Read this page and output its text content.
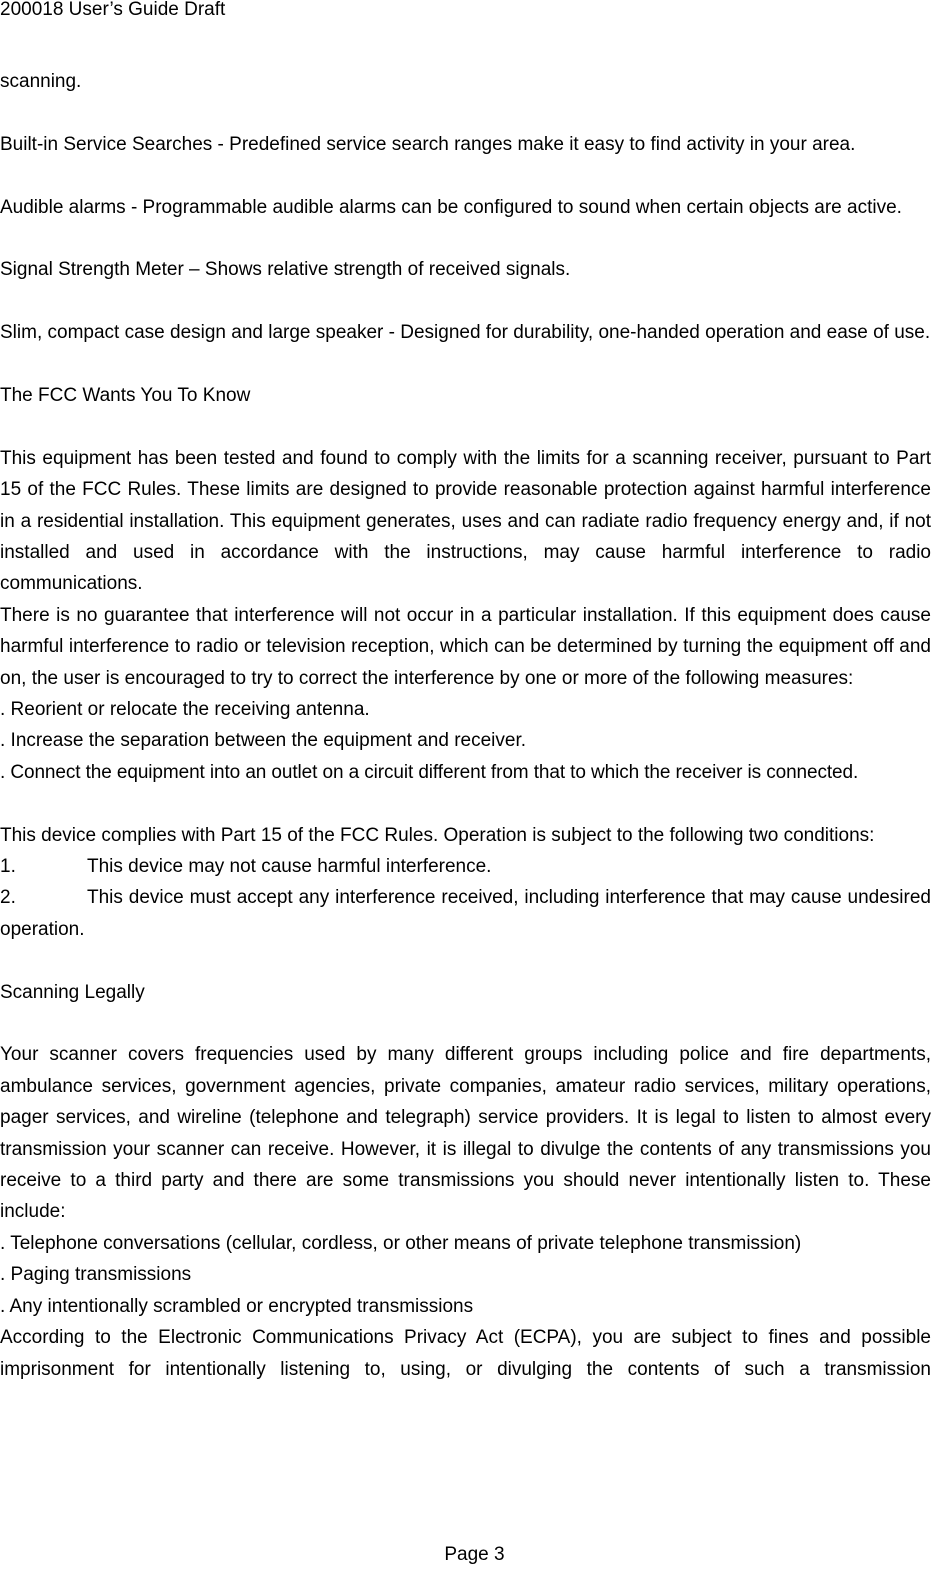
200018 User’s Guide Draft

scanning.

Built-in Service Searches - Predefined service search ranges make it easy to find activity in your area.

Audible alarms - Programmable audible alarms can be configured to sound when certain objects are active.

Signal Strength Meter – Shows relative strength of received signals.

Slim, compact case design and large speaker - Designed for durability, one-handed operation and ease of use.

The FCC Wants You To Know

This equipment has been tested and found to comply with the limits for a scanning receiver, pursuant to Part 15 of the FCC Rules. These limits are designed to provide reasonable protection against harmful interference in a residential installation. This equipment generates, uses and can radiate radio frequency energy and, if not installed and used in accordance with the instructions, may cause harmful interference to radio communications.

There is no guarantee that interference will not occur in a particular installation. If this equipment does cause harmful interference to radio or television reception, which can be determined by turning the equipment off and on, the user is encouraged to try to correct the interference by one or more of the following measures:

. Reorient or relocate the receiving antenna.

. Increase the separation between the equipment and receiver.

. Connect the equipment into an outlet on a circuit different from that to which the receiver is connected.

This device complies with Part 15 of the FCC Rules. Operation is subject to the following two conditions:

1.	This device may not cause harmful interference.

2.	This device must accept any interference received, including interference that may cause undesired operation.

Scanning Legally

Your scanner covers frequencies used by many different groups including police and fire departments, ambulance services, government agencies, private companies, amateur radio services, military operations, pager services, and wireline (telephone and telegraph) service providers. It is legal to listen to almost every transmission your scanner can receive. However, it is illegal to divulge the contents of any transmissions you receive to a third party and there are some transmissions you should never intentionally listen to. These include:

. Telephone conversations (cellular, cordless, or other means of private telephone transmission)

. Paging transmissions

. Any intentionally scrambled or encrypted transmissions

According to the Electronic Communications Privacy Act (ECPA), you are subject to fines and possible imprisonment for intentionally listening to, using, or divulging the contents of such a transmission

Page 3
